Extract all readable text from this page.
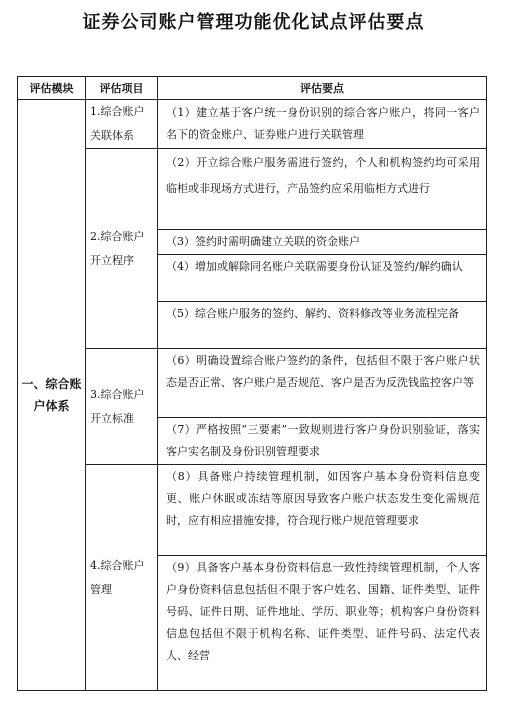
证券公司账户管理功能优化试点评估要点
评估模块	评估项目	评估要点

一、综合账户体系	1.综合账户关联体系	（1）建立基于客户统一身份识别的综合客户账户，将同一客户名下的资金账户、证券账户进行关联管理

	2.综合账户开立程序	（2）开立综合账户服务需进行签约，个人和机构签约均可采用临柜或非现场方式进行，产品签约应采用临柜方式进行

		（3）签约时需明确建立关联的资金账户

		（4）增加或解除同名账户关联需要身份认证及签约/解约确认

		（5）综合账户服务的签约、解约、资料修改等业务流程完备

	3.综合账户开立标准	（6）明确设置综合账户签约的条件，包括但不限于客户账户状态是否正常、客户账户是否规范、客户是否为反洗钱监控客户等

		（7）严格按照“三要素”一致规则进行客户身份识别验证，落实客户实名制及身份识别管理要求

	4.综合账户管理	（8）具备账户持续管理机制，如因客户基本身份资料信息变更、账户休眠或冻结等原因导致客户账户状态发生变化需规范时，应有相应措施安排，符合现行账户规范管理要求

		（9）具备客户基本身份资料信息一致性持续管理机制，个人客户身份资料信息包括但不限于客户姓名、国籍、证件类型、证件号码、证件日期、证件地址、学历、职业等；机构客户身份资料信息包括但不限于机构名称、证件类型、证件号码、法定代表人、经营
